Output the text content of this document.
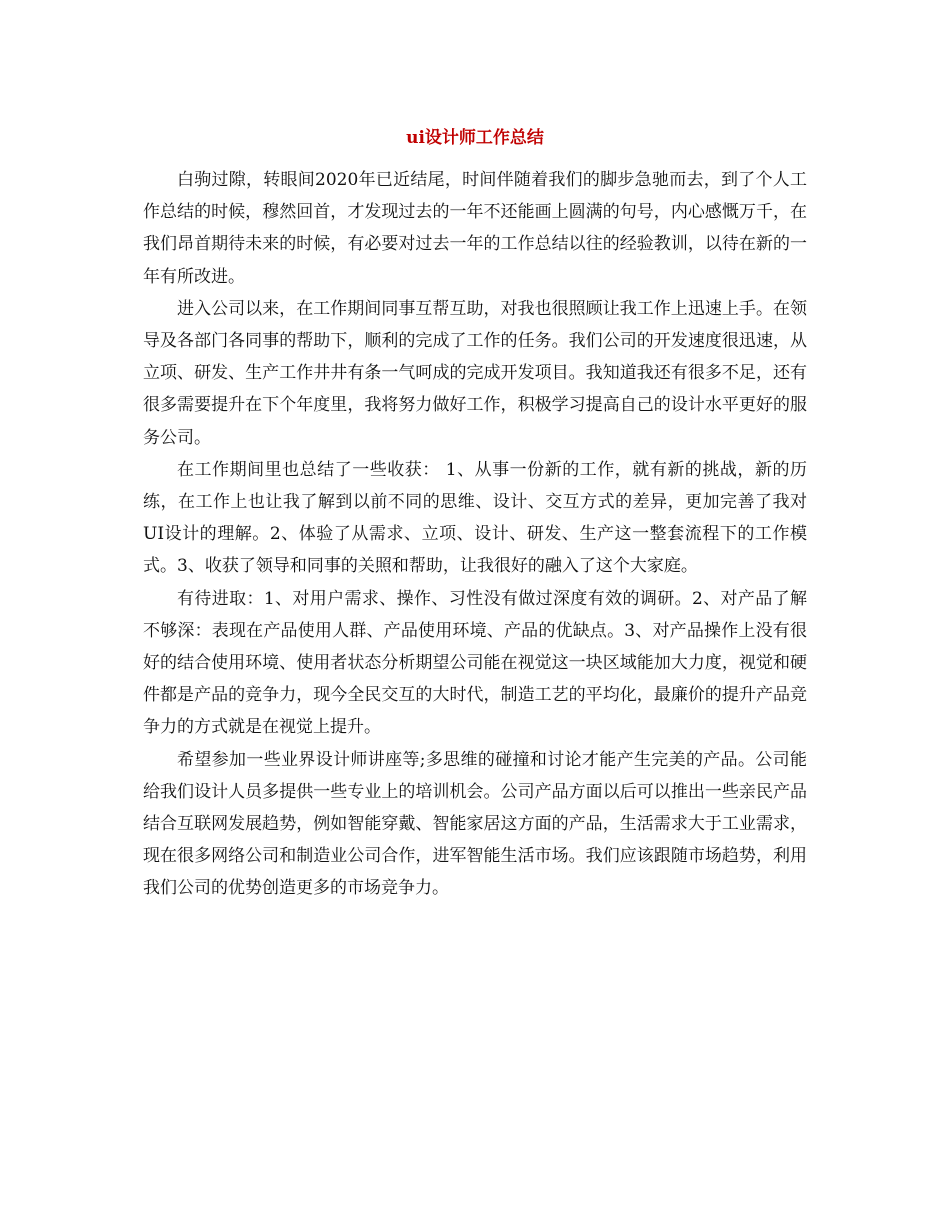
ui设计师工作总结

白驹过隙，转眼间2020年已近结尾，时间伴随着我们的脚步急驰而去，到了个人工作总结的时候，穆然回首，才发现过去的一年不还能画上圆满的句号，内心感慨万千，在我们昂首期待未来的时候，有必要对过去一年的工作总结以往的经验教训，以待在新的一年有所改进。

进入公司以来，在工作期间同事互帮互助，对我也很照顾让我工作上迅速上手。在领导及各部门各同事的帮助下，顺利的完成了工作的任务。我们公司的开发速度很迅速，从立项、研发、生产工作井井有条一气呵成的完成开发项目。我知道我还有很多不足，还有很多需要提升在下个年度里，我将努力做好工作，积极学习提高自己的设计水平更好的服务公司。

在工作期间里也总结了一些收获： 1、从事一份新的工作，就有新的挑战，新的历练，在工作上也让我了解到以前不同的思维、设计、交互方式的差异，更加完善了我对UI设计的理解。2、体验了从需求、立项、设计、研发、生产这一整套流程下的工作模式。3、收获了领导和同事的关照和帮助，让我很好的融入了这个大家庭。

有待进取：1、对用户需求、操作、习性没有做过深度有效的调研。2、对产品了解不够深：表现在产品使用人群、产品使用环境、产品的优缺点。3、对产品操作上没有很好的结合使用环境、使用者状态分析期望公司能在视觉这一块区域能加大力度，视觉和硬件都是产品的竞争力，现今全民交互的大时代，制造工艺的平均化，最廉价的提升产品竞争力的方式就是在视觉上提升。

希望参加一些业界设计师讲座等;多思维的碰撞和讨论才能产生完美的产品。公司能给我们设计人员多提供一些专业上的培训机会。公司产品方面以后可以推出一些亲民产品结合互联网发展趋势，例如智能穿戴、智能家居这方面的产品，生活需求大于工业需求，现在很多网络公司和制造业公司合作，进军智能生活市场。我们应该跟随市场趋势，利用我们公司的优势创造更多的市场竞争力。
